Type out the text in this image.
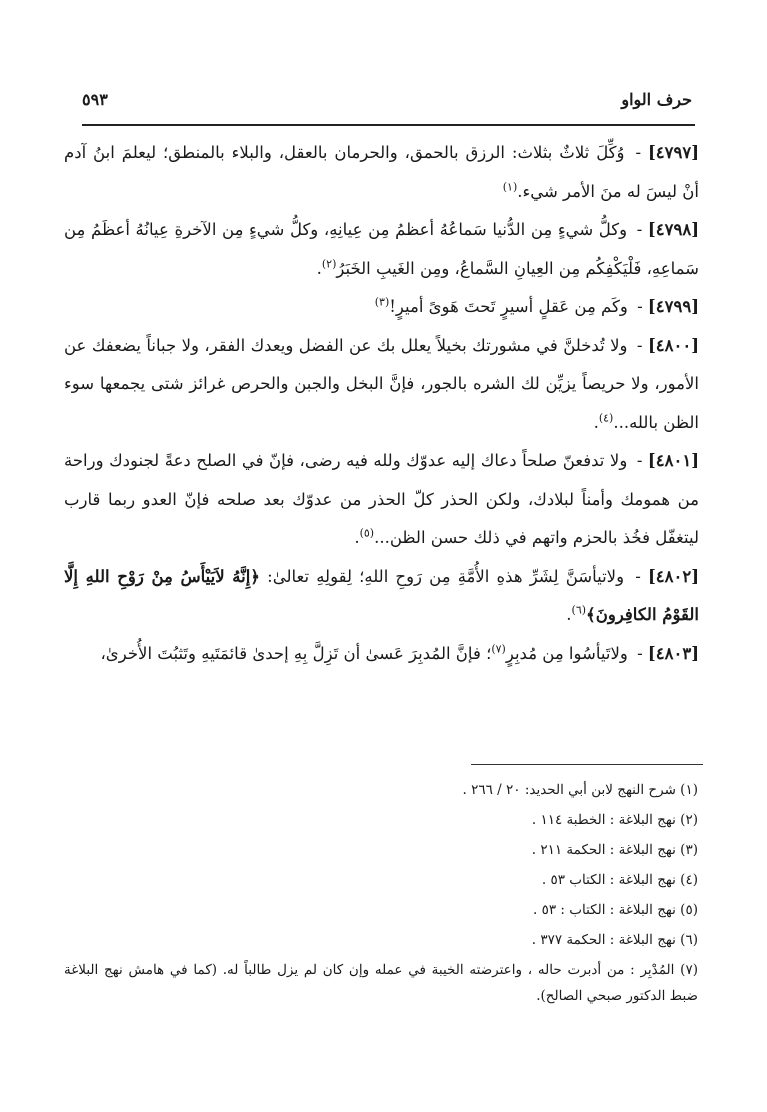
حرف الواو
٥٩٣

[٤٧٩٧] - وُكِّلَ ثلاثٌ بثلاث: الرزق بالحمق، والحرمان بالعقل، والبلاء بالمنطق؛ ليعلمَ ابنُ آدم أنْ ليسَ له منَ الأمر شيء.$^{(١)}$

[٤٧٩٨] - وكلُّ شيءٍ مِن الدُّنيا سَماعُهُ أعظمُ مِن عِيانِهِ، وكلُّ شيءٍ مِن الآخرةِ عِيانُهُ أعظَمُ مِن سَماعِهِ، فَلْيَكْفِكُم مِن العِيانِ السَّماعُ، ومِن الغَيبِ الخَبَرُ$^{(٢)}$.

[٤٧٩٩] - وكَم مِن عَقلٍ أسيرٍ تَحتَ هَوىً أميرٍ!$^{(٣)}$

[٤٨٠٠] - ولا تُدخلنَّ في مشورتك بخيلاً يعلل بك عن الفضل ويعدك الفقر، ولا جباناً يضعفك عن الأمور، ولا حريصاً يزيِّن لك الشره بالجور، فإنَّ البخل والجبن والحرص غرائز شتى يجمعها سوء الظن بالله...$^{(٤)}$.

[٤٨٠١] - ولا تدفعنّ صلحاً دعاك إليه عدوّك ولله فيه رضى، فإنّ في الصلح دعةً لجنودك وراحة من همومك وأمناً لبلادك، ولكن الحذر كلّ الحذر من عدوّك بعد صلحه فإنّ العدو ربما قارب ليتغفّل فخُذ بالحزم واتهم في ذلك حسن الظن...$^{(٥)}$.

[٤٨٠٢] - ولاتيأسَنَّ لِشَرِّ هذهِ الأُمَّةِ مِن رَوحِ اللهِ؛ لِقولِهِ تعالىٰ: ﴿إِنَّهُ لاَيَيْأَسُ مِنْ رَوْحِ اللهِ إِلَّا القَوْمُ الكافِرونَ﴾$^{(٦)}$.

[٤٨٠٣] - ولاتَيأسُوا مِن مُدبِرٍ$^{(٧)}$؛ فإنَّ المُدبِرَ عَسىٰ أن تَزِلَّ بِهِ إحدىٰ قائمَتَيهِ وتَثبُتَ الأُخرىٰ،

(١) شرح النهج لابن أبي الحديد: ٢٠ / ٢٦٦ .

(٢) نهج البلاغة : الخطبة ١١٤ .

(٣) نهج البلاغة : الحكمة ٢١١ .

(٤) نهج البلاغة : الكتاب ٥٣ .

(٥) نهج البلاغة : الكتاب : ٥٣ .

(٦) نهج البلاغة : الحكمة ٣٧٧ .

(٧) المُدْبِر : من أدبرت حاله ، واعترضته الخيبة في عمله وإن كان لم يزل طالباً له. (كما في هامش نهج البلاغة ضبط الدكتور صبحي الصالح).
